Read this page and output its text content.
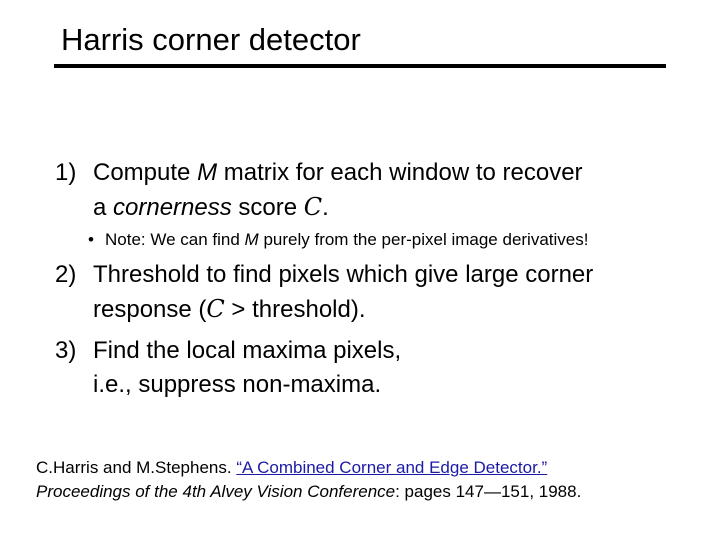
Harris corner detector
1) Compute M matrix for each window to recover
a cornerness score C.
• Note: We can find M purely from the per-pixel image derivatives!
2) Threshold to find pixels which give large corner
response (C > threshold).
3) Find the local maxima pixels,
i.e., suppress non-maxima.
C.Harris and M.Stephens. “A Combined Corner and Edge Detector.”
Proceedings of the 4th Alvey Vision Conference: pages 147—151, 1988.
